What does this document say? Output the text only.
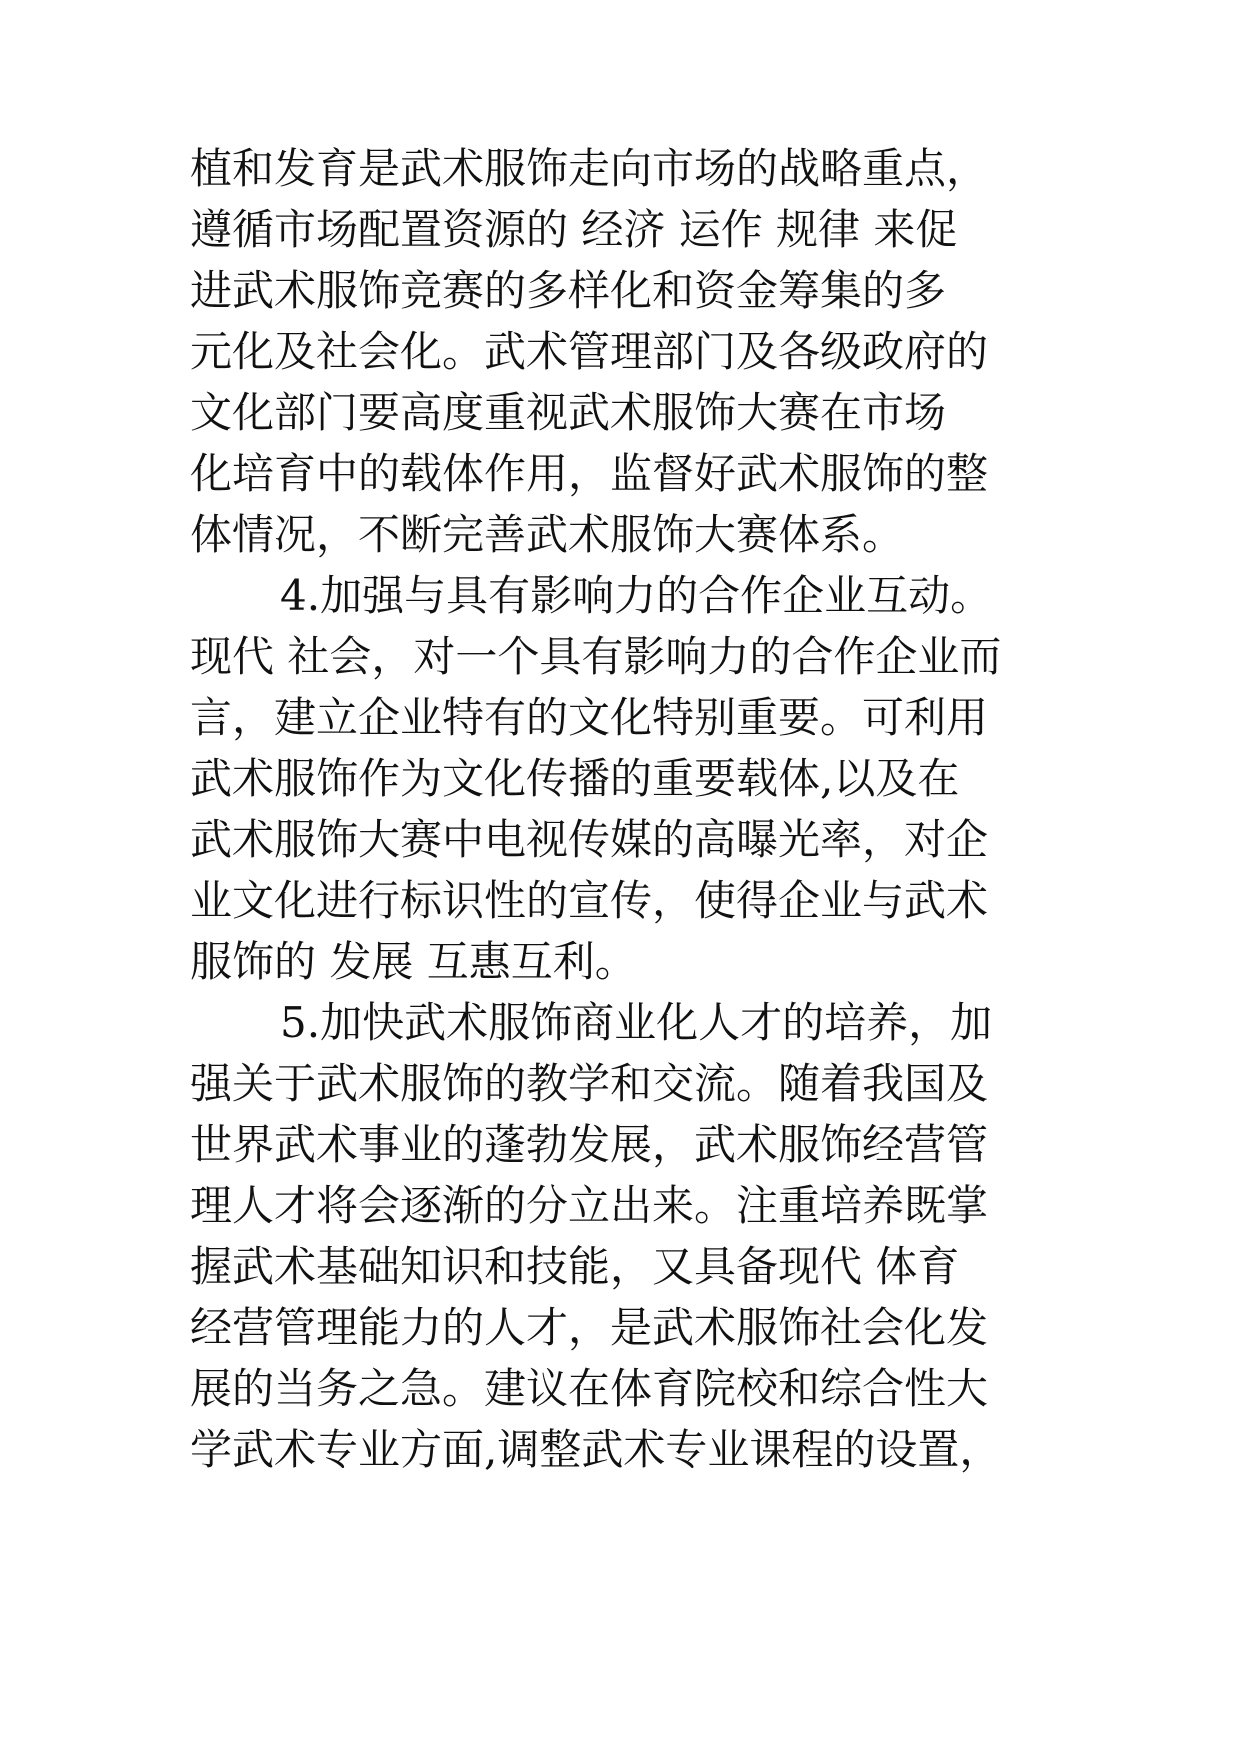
植和发育是武术服饰走向市场的战略重点，
遵循市场配置资源的 经济 运作 规律 来促
进武术服饰竞赛的多样化和资金筹集的多
元化及社会化。武术管理部门及各级政府的
文化部门要高度重视武术服饰大赛在市场
化培育中的载体作用，监督好武术服饰的整
体情况，不断完善武术服饰大赛体系。
4.加强与具有影响力的合作企业互动。
现代 社会，对一个具有影响力的合作企业而
言，建立企业特有的文化特别重要。可利用
武术服饰作为文化传播的重要载体,以及在
武术服饰大赛中电视传媒的高曝光率，对企
业文化进行标识性的宣传，使得企业与武术
服饰的 发展 互惠互利。
5.加快武术服饰商业化人才的培养，加
强关于武术服饰的教学和交流。随着我国及
世界武术事业的蓬勃发展，武术服饰经营管
理人才将会逐渐的分立出来。注重培养既掌
握武术基础知识和技能，又具备现代 体育
经营管理能力的人才，是武术服饰社会化发
展的当务之急。建议在体育院校和综合性大
学武术专业方面,调整武术专业课程的设置，
